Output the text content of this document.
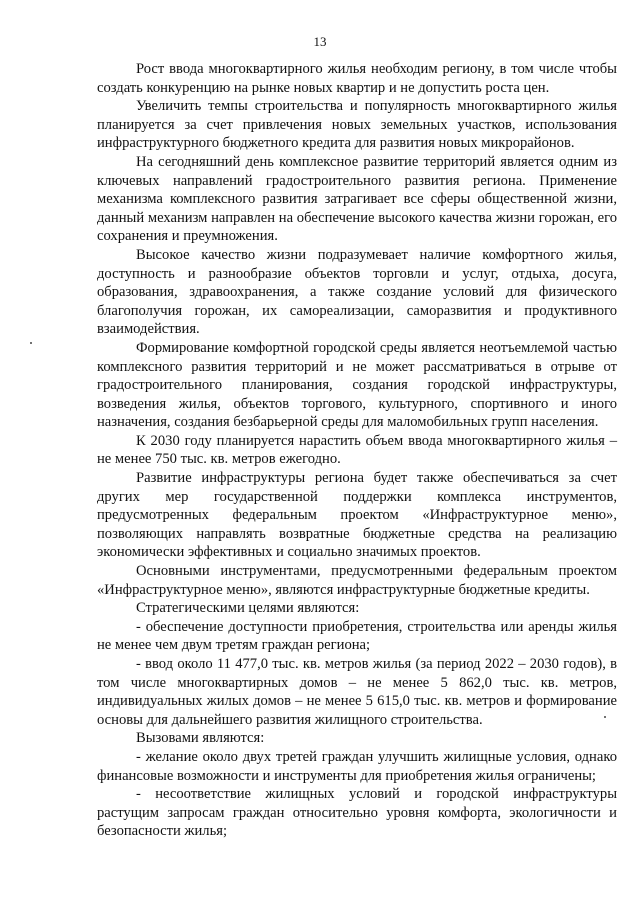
13

Рост ввода многоквартирного жилья необходим региону, в том числе чтобы создать конкуренцию на рынке новых квартир и не допустить роста цен.

Увеличить темпы строительства и популярность многоквартирного жилья планируется за счет привлечения новых земельных участков, использования инфраструктурного бюджетного кредита для развития новых микрорайонов.

На сегодняшний день комплексное развитие территорий является одним из ключевых направлений градостроительного развития региона. Применение механизма комплексного развития затрагивает все сферы общественной жизни, данный механизм направлен на обеспечение высокого качества жизни горожан, его сохранения и преумножения.

Высокое качество жизни подразумевает наличие комфортного жилья, доступность и разнообразие объектов торговли и услуг, отдыха, досуга, образования, здравоохранения, а также создание условий для физического благополучия горожан, их самореализации, саморазвития и продуктивного взаимодействия.

Формирование комфортной городской среды является неотъемлемой частью комплексного развития территорий и не может рассматриваться в отрыве от градостроительного планирования, создания городской инфраструктуры, возведения жилья, объектов торгового, культурного, спортивного и иного назначения, создания безбарьерной среды для маломобильных групп населения.

К 2030 году планируется нарастить объем ввода многоквартирного жилья – не менее 750 тыс. кв. метров ежегодно.

Развитие инфраструктуры региона будет также обеспечиваться за счет других мер государственной поддержки комплекса инструментов, предусмотренных федеральным проектом «Инфраструктурное меню», позволяющих направлять возвратные бюджетные средства на реализацию экономически эффективных и социально значимых проектов.

Основными инструментами, предусмотренными федеральным проектом «Инфраструктурное меню», являются инфраструктурные бюджетные кредиты.

Стратегическими целями являются:

- обеспечение доступности приобретения, строительства или аренды жилья не менее чем двум третям граждан региона;

- ввод около 11 477,0 тыс. кв. метров жилья (за период 2022 – 2030 годов), в том числе многоквартирных домов – не менее 5 862,0 тыс. кв. метров, индивидуальных жилых домов – не менее 5 615,0 тыс. кв. метров и формирование основы для дальнейшего развития жилищного строительства.

Вызовами являются:

- желание около двух третей граждан улучшить жилищные условия, однако финансовые возможности и инструменты для приобретения жилья ограничены;

- несоответствие жилищных условий и городской инфраструктуры растущим запросам граждан относительно уровня комфорта, экологичности и безопасности жилья;
